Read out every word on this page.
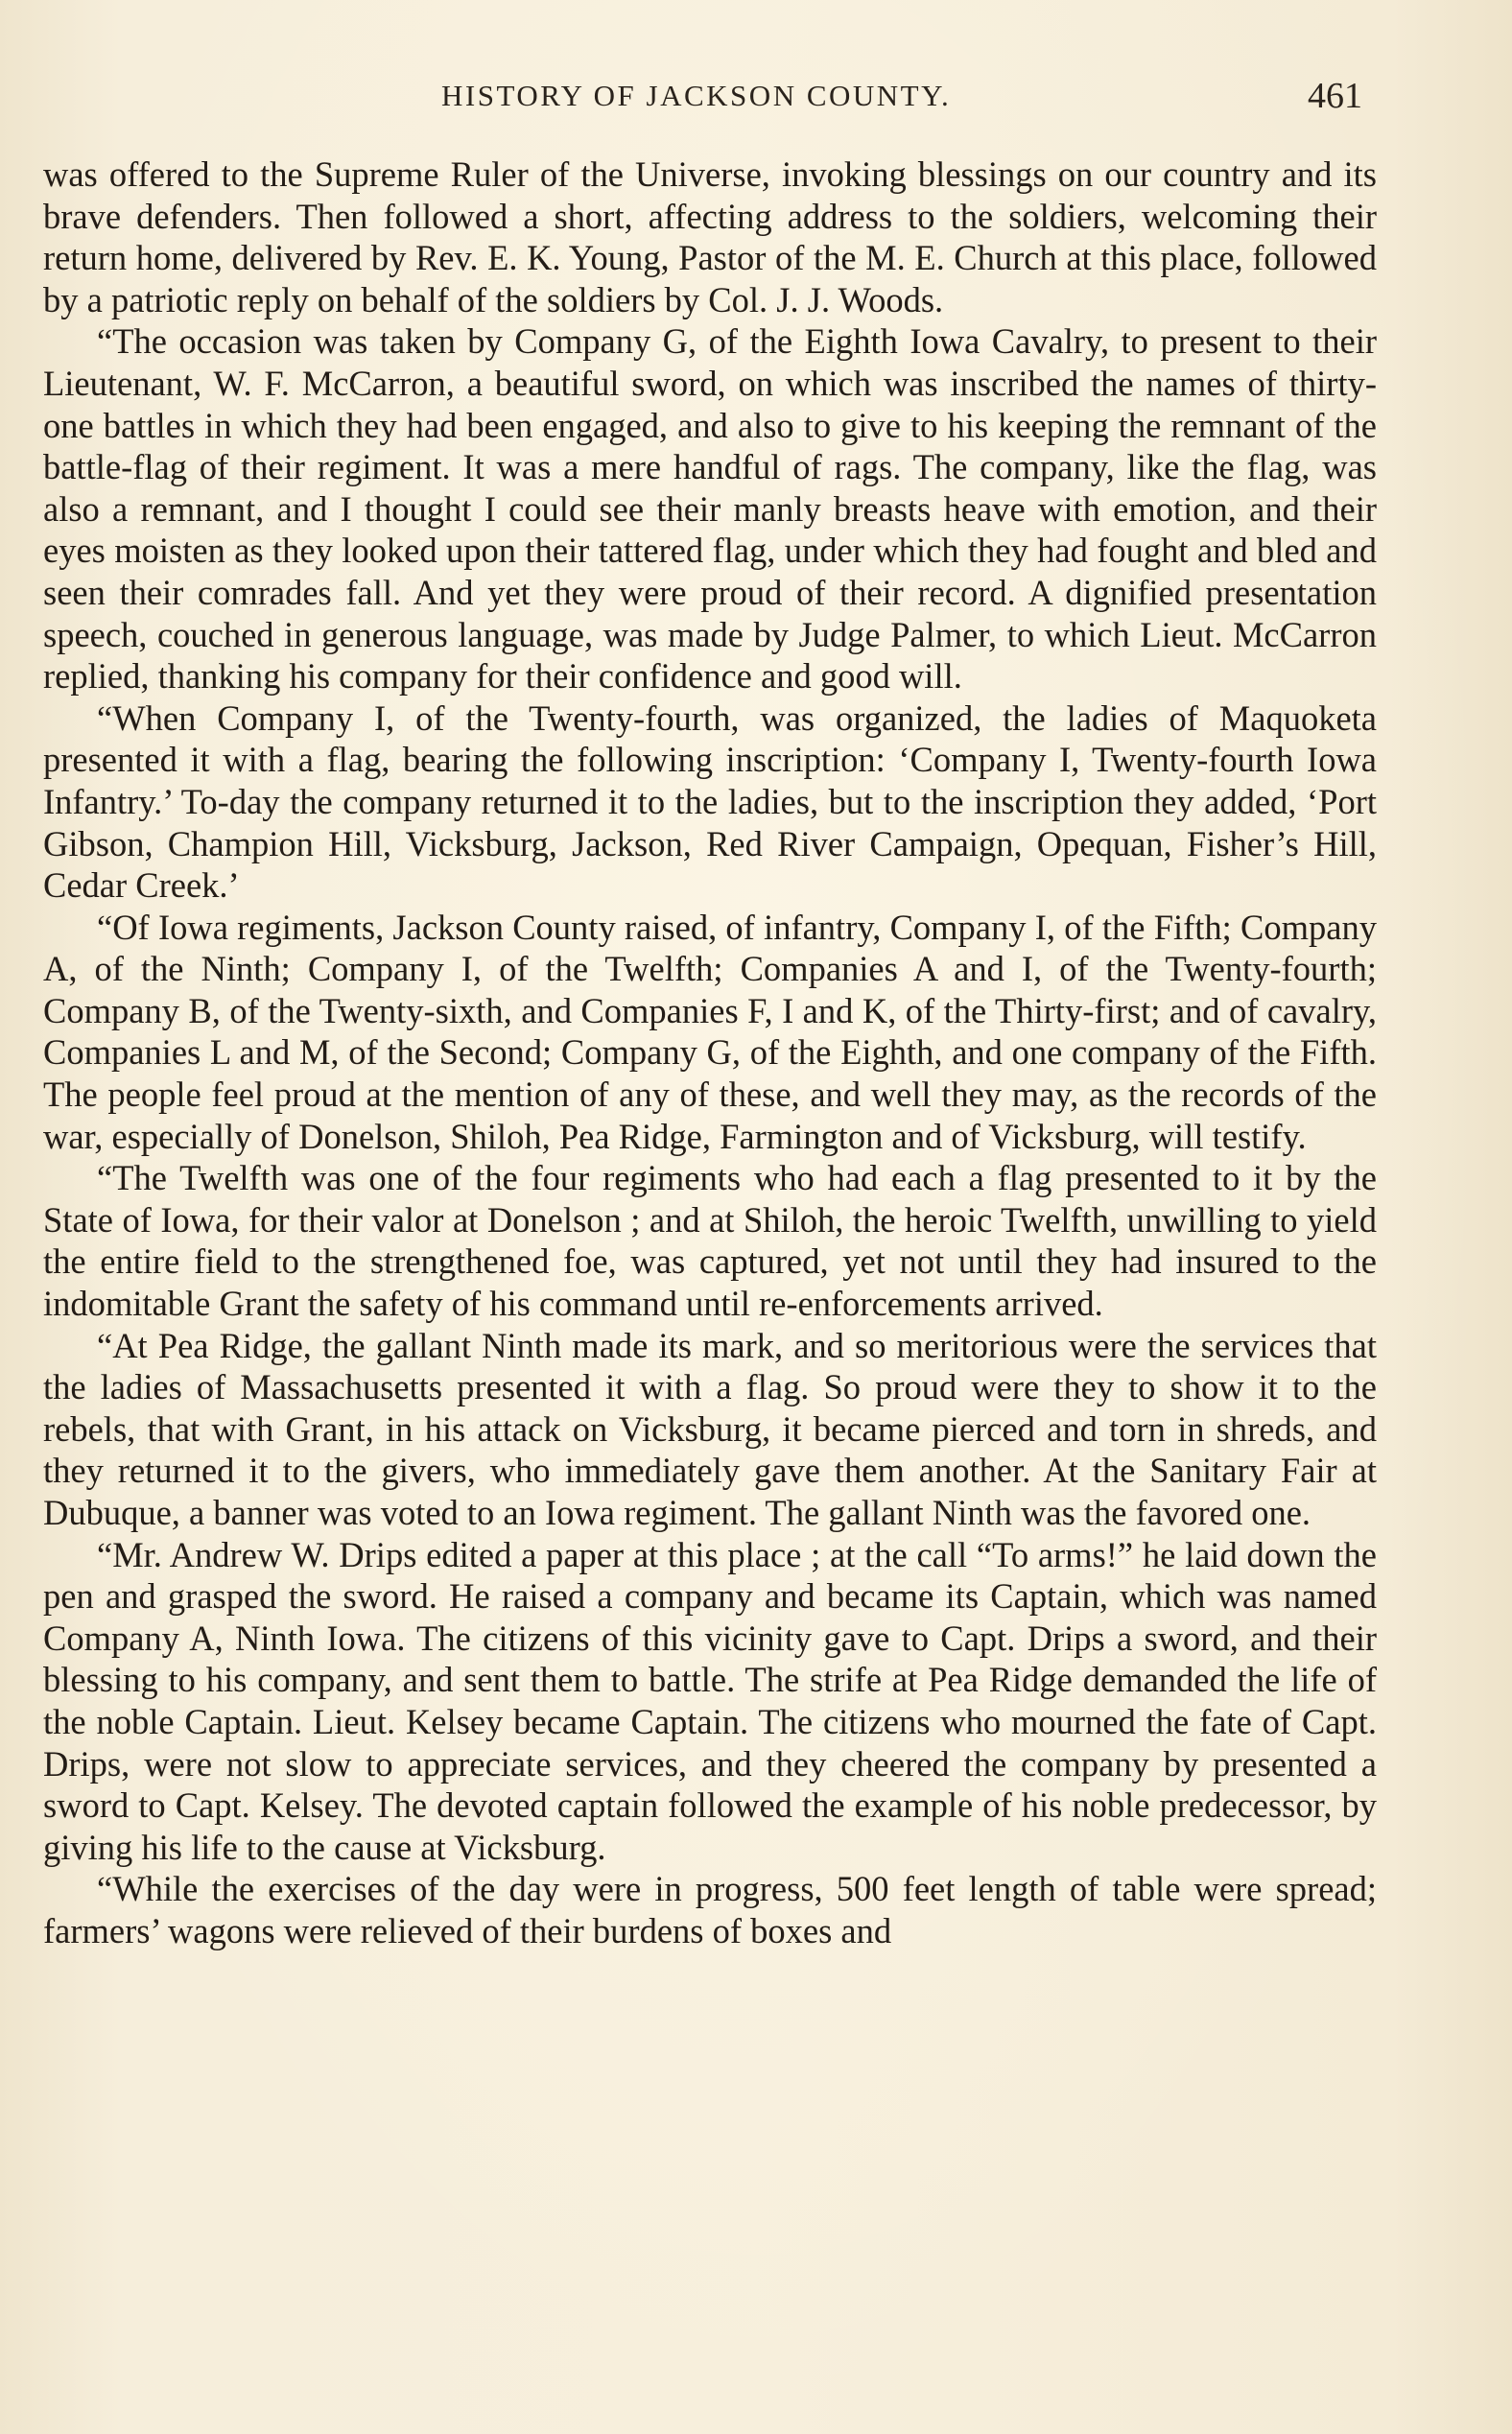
HISTORY OF JACKSON COUNTY.	461

was offered to the Supreme Ruler of the Universe, invoking blessings on our country and its brave defenders. Then followed a short, affecting address to the soldiers, welcoming their return home, delivered by Rev. E. K. Young, Pastor of the M. E. Church at this place, followed by a patriotic reply on behalf of the soldiers by Col. J. J. Woods.

“The occasion was taken by Company G, of the Eighth Iowa Cavalry, to present to their Lieutenant, W. F. McCarron, a beautiful sword, on which was inscribed the names of thirty-one battles in which they had been engaged, and also to give to his keeping the remnant of the battle-flag of their regiment. It was a mere handful of rags. The company, like the flag, was also a remnant, and I thought I could see their manly breasts heave with emotion, and their eyes moisten as they looked upon their tattered flag, under which they had fought and bled and seen their comrades fall. And yet they were proud of their record. A dignified presentation speech, couched in generous language, was made by Judge Palmer, to which Lieut. McCarron replied, thanking his company for their confidence and good will.

“When Company I, of the Twenty-fourth, was organized, the ladies of Maquoketa presented it with a flag, bearing the following inscription: ‘Company I, Twenty-fourth Iowa Infantry.’ To-day the company returned it to the ladies, but to the inscription they added, ‘Port Gibson, Champion Hill, Vicksburg, Jackson, Red River Campaign, Opequan, Fisher’s Hill, Cedar Creek.’

“Of Iowa regiments, Jackson County raised, of infantry, Company I, of the Fifth; Company A, of the Ninth; Company I, of the Twelfth; Companies A and I, of the Twenty-fourth; Company B, of the Twenty-sixth, and Companies F, I and K, of the Thirty-first; and of cavalry, Companies L and M, of the Second; Company G, of the Eighth, and one company of the Fifth. The people feel proud at the mention of any of these, and well they may, as the records of the war, especially of Donelson, Shiloh, Pea Ridge, Farmington and of Vicksburg, will testify.

“The Twelfth was one of the four regiments who had each a flag presented to it by the State of Iowa, for their valor at Donelson ; and at Shiloh, the heroic Twelfth, unwilling to yield the entire field to the strengthened foe, was captured, yet not until they had insured to the indomitable Grant the safety of his command until re-enforcements arrived.

“At Pea Ridge, the gallant Ninth made its mark, and so meritorious were the services that the ladies of Massachusetts presented it with a flag. So proud were they to show it to the rebels, that with Grant, in his attack on Vicksburg, it became pierced and torn in shreds, and they returned it to the givers, who immediately gave them another. At the Sanitary Fair at Dubuque, a banner was voted to an Iowa regiment. The gallant Ninth was the favored one.

“Mr. Andrew W. Drips edited a paper at this place ; at the call “To arms!” he laid down the pen and grasped the sword. He raised a company and became its Captain, which was named Company A, Ninth Iowa. The citizens of this vicinity gave to Capt. Drips a sword, and their blessing to his company, and sent them to battle. The strife at Pea Ridge demanded the life of the noble Captain. Lieut. Kelsey became Captain. The citizens who mourned the fate of Capt. Drips, were not slow to appreciate services, and they cheered the company by presented a sword to Capt. Kelsey. The devoted captain followed the example of his noble predecessor, by giving his life to the cause at Vicksburg.

“While the exercises of the day were in progress, 500 feet length of table were spread; farmers’ wagons were relieved of their burdens of boxes and
